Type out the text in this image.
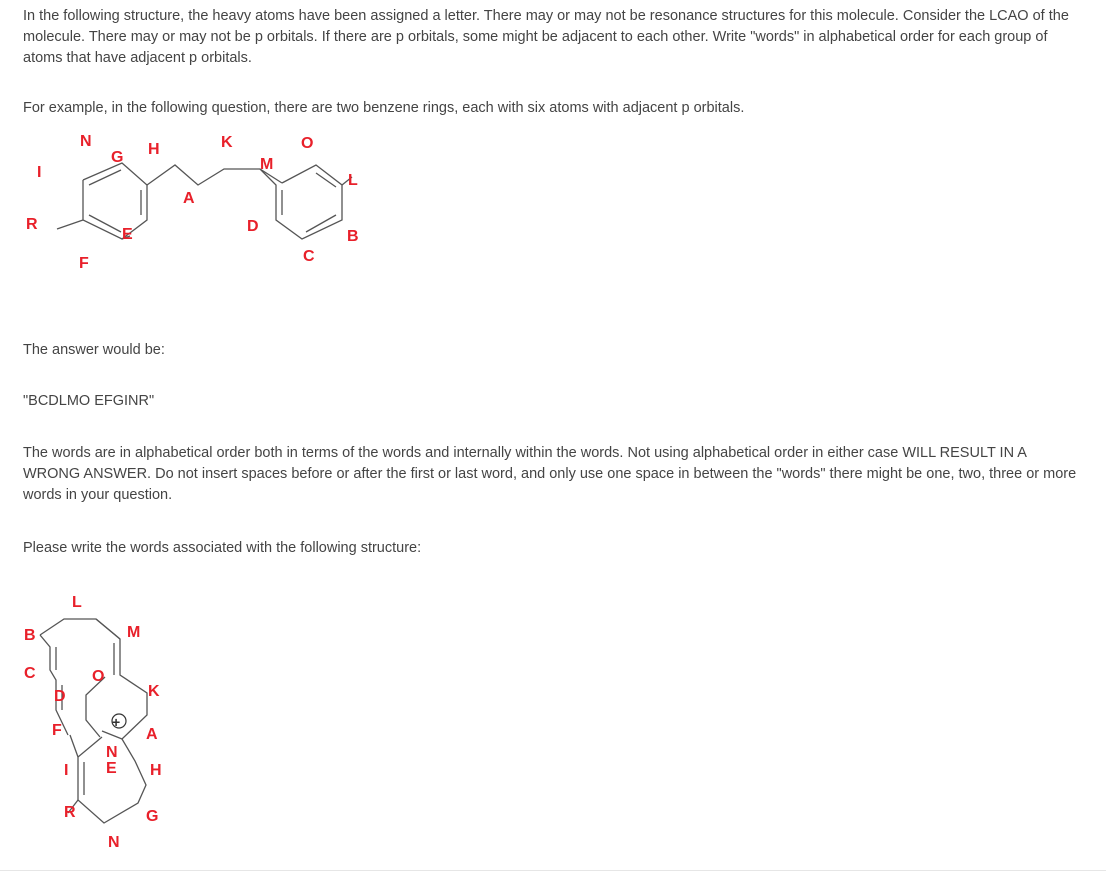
In the following structure, the heavy atoms have been assigned a letter. There may or may not be resonance structures for this molecule. Consider the LCAO of the molecule. There may or may not be p orbitals. If there are p orbitals, some might be adjacent to each other. Write "words" in alphabetical order for each group of atoms that have adjacent p orbitals.

For example, in the following question, there are two benzene rings, each with six atoms with adjacent p orbitals.

N
G H	K	O
M
L
I
A
R
E	D
B
F	C

The answer would be:

"BCDLMO EFGINR"

The words are in alphabetical order both in terms of the words and internally within the words. Not using alphabetical order in either case WILL RESULT IN A WRONG ANSWER. Do not insert spaces before or after the first or last word, and only use one space in between the "words" there might be one, two, three or more words in your question.

Please write the words associated with the following structure:

+
L
B	M
C	O
K
D
F	A
N
E
I	H
R	G
N
